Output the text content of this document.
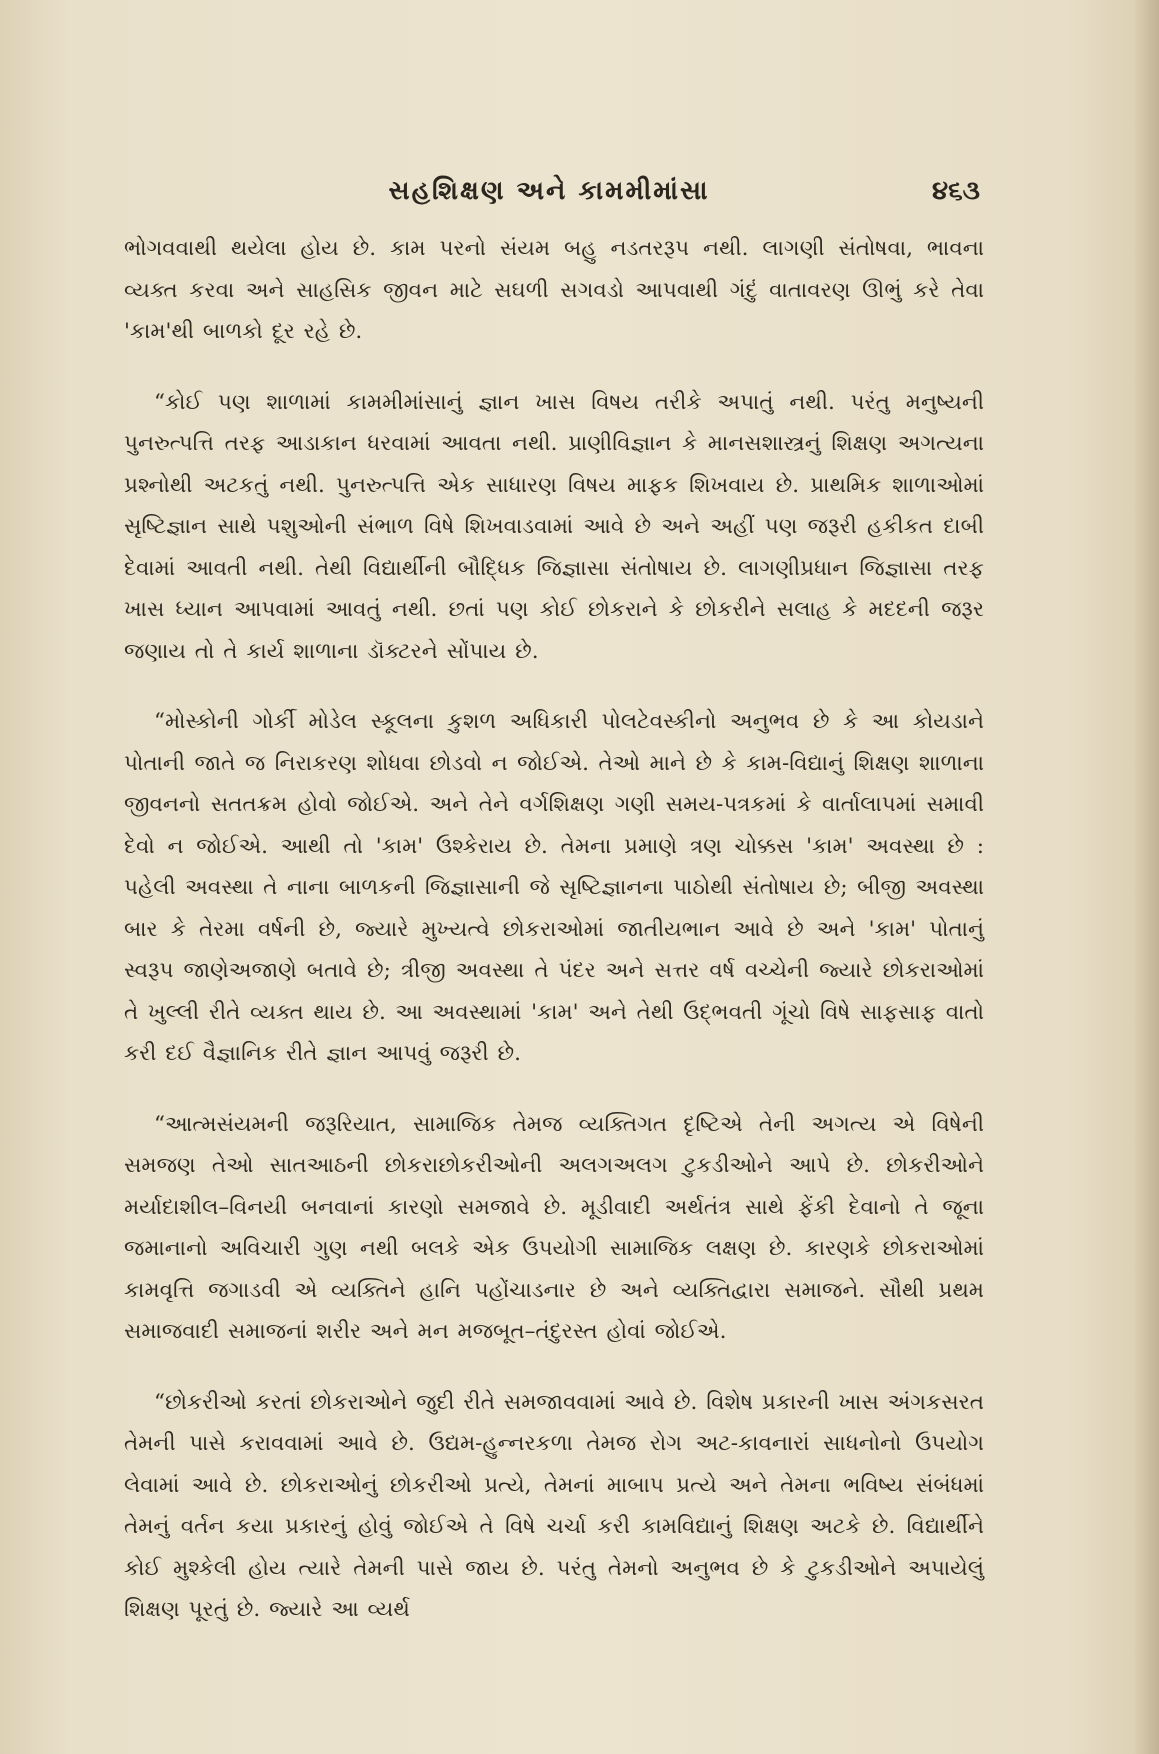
સહશિક્ષણ અને કામમીમાંસા	૪૬૩

ભોગવવાથી થયેલા હોય છે. કામ પરનો સંયમ બહુ નડતરરૂપ નથી. લાગણી સંતોષવા, ભાવના વ્યક્ત કરવા અને સાહસિક જીવન માટે સઘળી સગવડો આપવાથી ગંદું વાતાવરણ ઊભું કરે તેવા 'કામ'થી બાળકો દૂર રહે છે.

“કોઈ પણ શાળામાં કામમીમાંસાનું જ્ઞાન ખાસ વિષય તરીકે અપાતું નથી. પરંતુ મનુષ્યની પુનરુત્પત્તિ તરફ આડાકાન ધરવામાં આવતા નથી. પ્રાણીવિજ્ઞાન કે માનસશાસ્ત્રનું શિક્ષણ અગત્યના પ્રશ્નોથી અટકતું નથી. પુનરુત્પત્તિ એક સાધારણ વિષય માફક શિખવાય છે. પ્રાથમિક શાળાઓમાં સૃષ્ટિજ્ઞાન સાથે પશુઓની સંભાળ વિષે શિખવાડવામાં આવે છે અને અહીં પણ જરૂરી હકીકત દાબી દેવામાં આવતી નથી. તેથી વિદ્યાર્થીની બૌદ્ધિક જિજ્ઞાસા સંતોષાય છે. લાગણીપ્રધાન જિજ્ઞાસા તરફ ખાસ ધ્યાન આપવામાં આવતું નથી. છતાં પણ કોઈ છોકરાને કે છોકરીને સલાહ કે મદદની જરૂર જણાય તો તે કાર્ય શાળાના ડૉક્ટરને સોંપાય છે.

“મોસ્કોની ગોર્કી મોડેલ સ્કૂલના કુશળ અધિકારી પોલટેવસ્કીનો અનુભવ છે કે આ કોયડાને પોતાની જાતે જ નિરાકરણ શોધવા છોડવો ન જોઈએ. તેઓ માને છે કે કામ-વિદ્યાનું શિક્ષણ શાળાના જીવનનો સતતક્રમ હોવો જોઈએ. અને તેને વર્ગશિક્ષણ ગણી સમય-પત્રકમાં કે વાર્તાલાપમાં સમાવી દેવો ન જોઈએ. આથી તો 'કામ' ઉશ્કેરાય છે. તેમના પ્રમાણે ત્રણ ચોક્કસ 'કામ' અવસ્થા છે : પહેલી અવસ્થા તે નાના બાળકની જિજ્ઞાસાની જે સૃષ્ટિજ્ઞાનના પાઠોથી સંતોષાય છે; બીજી અવસ્થા બાર કે તેરમા વર્ષની છે, જ્યારે મુખ્યત્વે છોકરાઓમાં જાતીયભાન આવે છે અને 'કામ' પોતાનું સ્વરૂપ જાણેઅજાણે બતાવે છે; ત્રીજી અવસ્થા તે પંદર અને સત્તર વર્ષ વચ્ચેની જ્યારે છોકરાઓમાં તે ખુલ્લી રીતે વ્યક્ત થાય છે. આ અવસ્થામાં 'કામ' અને તેથી ઉદ્‌ભવતી ગૂંચો વિષે સાફસાફ વાતો કરી દઈ વૈજ્ઞાનિક રીતે જ્ઞાન આપવું જરૂરી છે.

“આત્મસંયમની જરૂરિયાત, સામાજિક તેમજ વ્યક્તિગત દૃષ્ટિએ તેની અગત્ય એ વિષેની સમજણ તેઓ સાતઆઠની છોકરાછોકરીઓની અલગઅલગ ટુકડીઓને આપે છે. છોકરીઓને મર્યાદાશીલ–વિનયી બનવાનાં કારણો સમજાવે છે. મૂડીવાદી અર્થતંત્ર સાથે ફેંકી દેવાનો તે જૂના જમાનાનો અવિચારી ગુણ નથી બલકે એક ઉપયોગી સામાજિક લક્ષણ છે. કારણકે છોકરાઓમાં કામવૃત્તિ જગાડવી એ વ્યક્તિને હાનિ પહોંચાડનાર છે અને વ્યક્તિદ્વારા સમાજને. સૌથી પ્રથમ સમાજવાદી સમાજનાં શરીર અને મન મજબૂત–તંદુરસ્ત હોવાં જોઈએ.

“છોકરીઓ કરતાં છોકરાઓને જુદી રીતે સમજાવવામાં આવે છે. વિશેષ પ્રકારની ખાસ અંગકસરત તેમની પાસે કરાવવામાં આવે છે. ઉદ્યમ-હુન્નરકળા તેમજ રોગ અટ-કાવનારાં સાધનોનો ઉપયોગ લેવામાં આવે છે. છોકરાઓનું છોકરીઓ પ્રત્યે, તેમનાં માબાપ પ્રત્યે અને તેમના ભવિષ્ય સંબંધમાં તેમનું વર્તન કયા પ્રકારનું હોવું જોઈએ તે વિષે ચર્ચા કરી કામવિદ્યાનું શિક્ષણ અટકે છે. વિદ્યાર્થીને કોઈ મુશ્કેલી હોય ત્યારે તેમની પાસે જાય છે. પરંતુ તેમનો અનુભવ છે કે ટુકડીઓને અપાયેલું શિક્ષણ પૂરતું છે. જ્યારે આ વ્યર્થ
